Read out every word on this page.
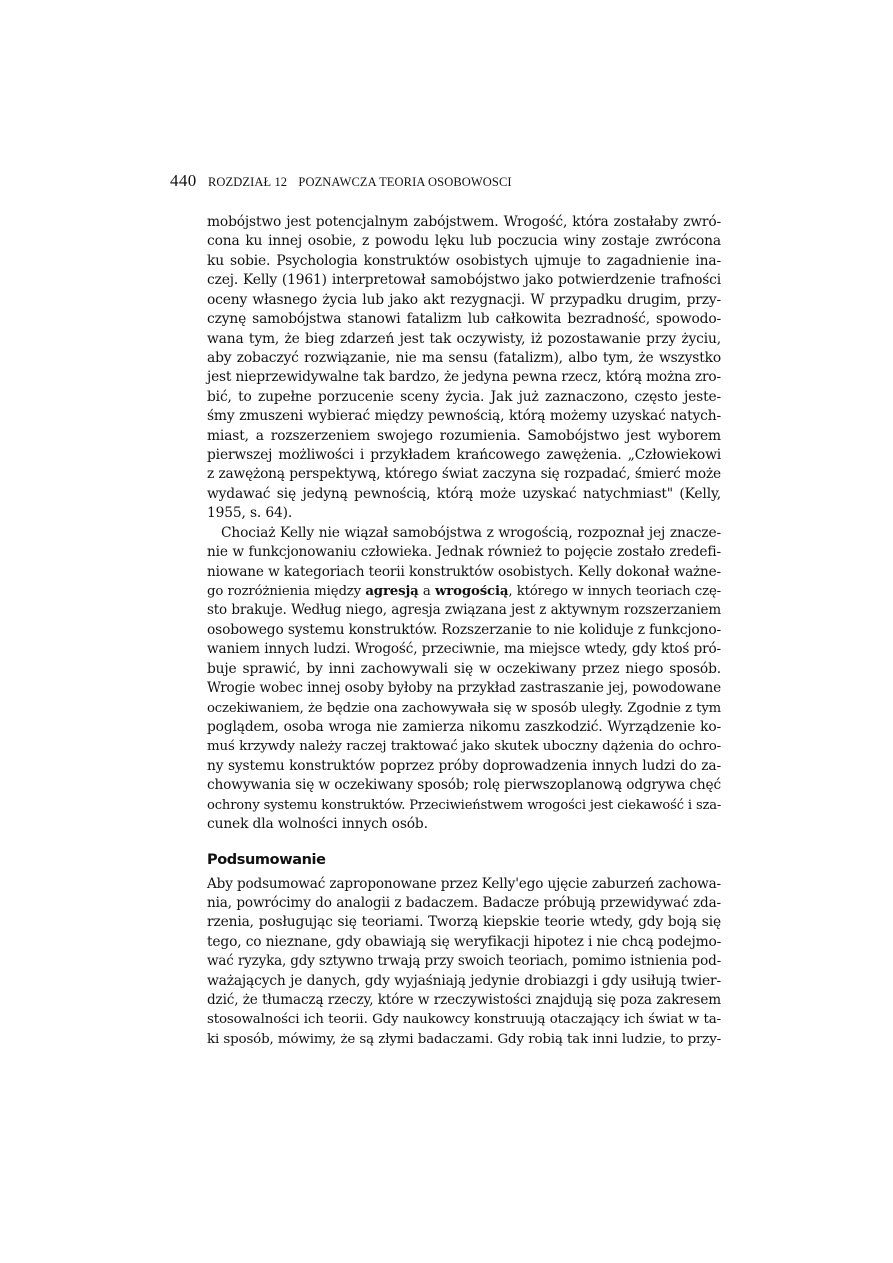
440 ROZDZIAŁ 12 POZNAWCZA TEORIA OSOBOWOSCI
mobójstwo jest potencjalnym zabójstwem. Wrogość, która zostałaby zwró-
cona ku innej osobie, z powodu lęku lub poczucia winy zostaje zwrócona
ku sobie. Psychologia konstruktów osobistych ujmuje to zagadnienie ina-
czej. Kelly (1961) interpretował samobójstwo jako potwierdzenie trafności
oceny własnego życia lub jako akt rezygnacji. W przypadku drugim, przy-
czynę samobójstwa stanowi fatalizm lub całkowita bezradność, spowodo-
wana tym, że bieg zdarzeń jest tak oczywisty, iż pozostawanie przy życiu,
aby zobaczyć rozwiązanie, nie ma sensu (fatalizm), albo tym, że wszystko
jest nieprzewidywalne tak bardzo, że jedyna pewna rzecz, którą można zro-
bić, to zupełne porzucenie sceny życia. Jak już zaznaczono, często jeste-
śmy zmuszeni wybierać między pewnością, którą możemy uzyskać natych-
miast, a rozszerzeniem swojego rozumienia. Samobójstwo jest wyborem
pierwszej możliwości i przykładem krańcowego zawężenia. „Człowiekowi
z zawężoną perspektywą, którego świat zaczyna się rozpadać, śmierć może
wydawać się jedyną pewnością, którą może uzyskać natychmiast" (Kelly,
1955, s. 64).
Chociaż Kelly nie wiązał samobójstwa z wrogością, rozpoznał jej znacze-
nie w funkcjonowaniu człowieka. Jednak również to pojęcie zostało zredefi-
niowane w kategoriach teorii konstruktów osobistych. Kelly dokonał ważne-
go rozróżnienia między agresją a wrogością, którego w innych teoriach czę-
sto brakuje. Według niego, agresja związana jest z aktywnym rozszerzaniem
osobowego systemu konstruktów. Rozszerzanie to nie koliduje z funkcjono-
waniem innych ludzi. Wrogość, przeciwnie, ma miejsce wtedy, gdy ktoś pró-
buje sprawić, by inni zachowywali się w oczekiwany przez niego sposób.
Wrogie wobec innej osoby byłoby na przykład zastraszanie jej, powodowane
oczekiwaniem, że będzie ona zachowywała się w sposób uległy. Zgodnie z tym
poglądem, osoba wroga nie zamierza nikomu zaszkodzić. Wyrządzenie ko-
muś krzywdy należy raczej traktować jako skutek uboczny dążenia do ochro-
ny systemu konstruktów poprzez próby doprowadzenia innych ludzi do za-
chowywania się w oczekiwany sposób; rolę pierwszoplanową odgrywa chęć
ochrony systemu konstruktów. Przeciwieństwem wrogości jest ciekawość i sza-
cunek dla wolności innych osób.
Podsumowanie
Aby podsumować zaproponowane przez Kelly'ego ujęcie zaburzeń zachowa-
nia, powrócimy do analogii z badaczem. Badacze próbują przewidywać zda-
rzenia, posługując się teoriami. Tworzą kiepskie teorie wtedy, gdy boją się
tego, co nieznane, gdy obawiają się weryfikacji hipotez i nie chcą podejmo-
wać ryzyka, gdy sztywno trwają przy swoich teoriach, pomimo istnienia pod-
ważających je danych, gdy wyjaśniają jedynie drobiazgi i gdy usiłują twier-
dzić, że tłumaczą rzeczy, które w rzeczywistości znajdują się poza zakresem
stosowalności ich teorii. Gdy naukowcy konstruują otaczający ich świat w ta-
ki sposób, mówimy, że są złymi badaczami. Gdy robią tak inni ludzie, to przy-
